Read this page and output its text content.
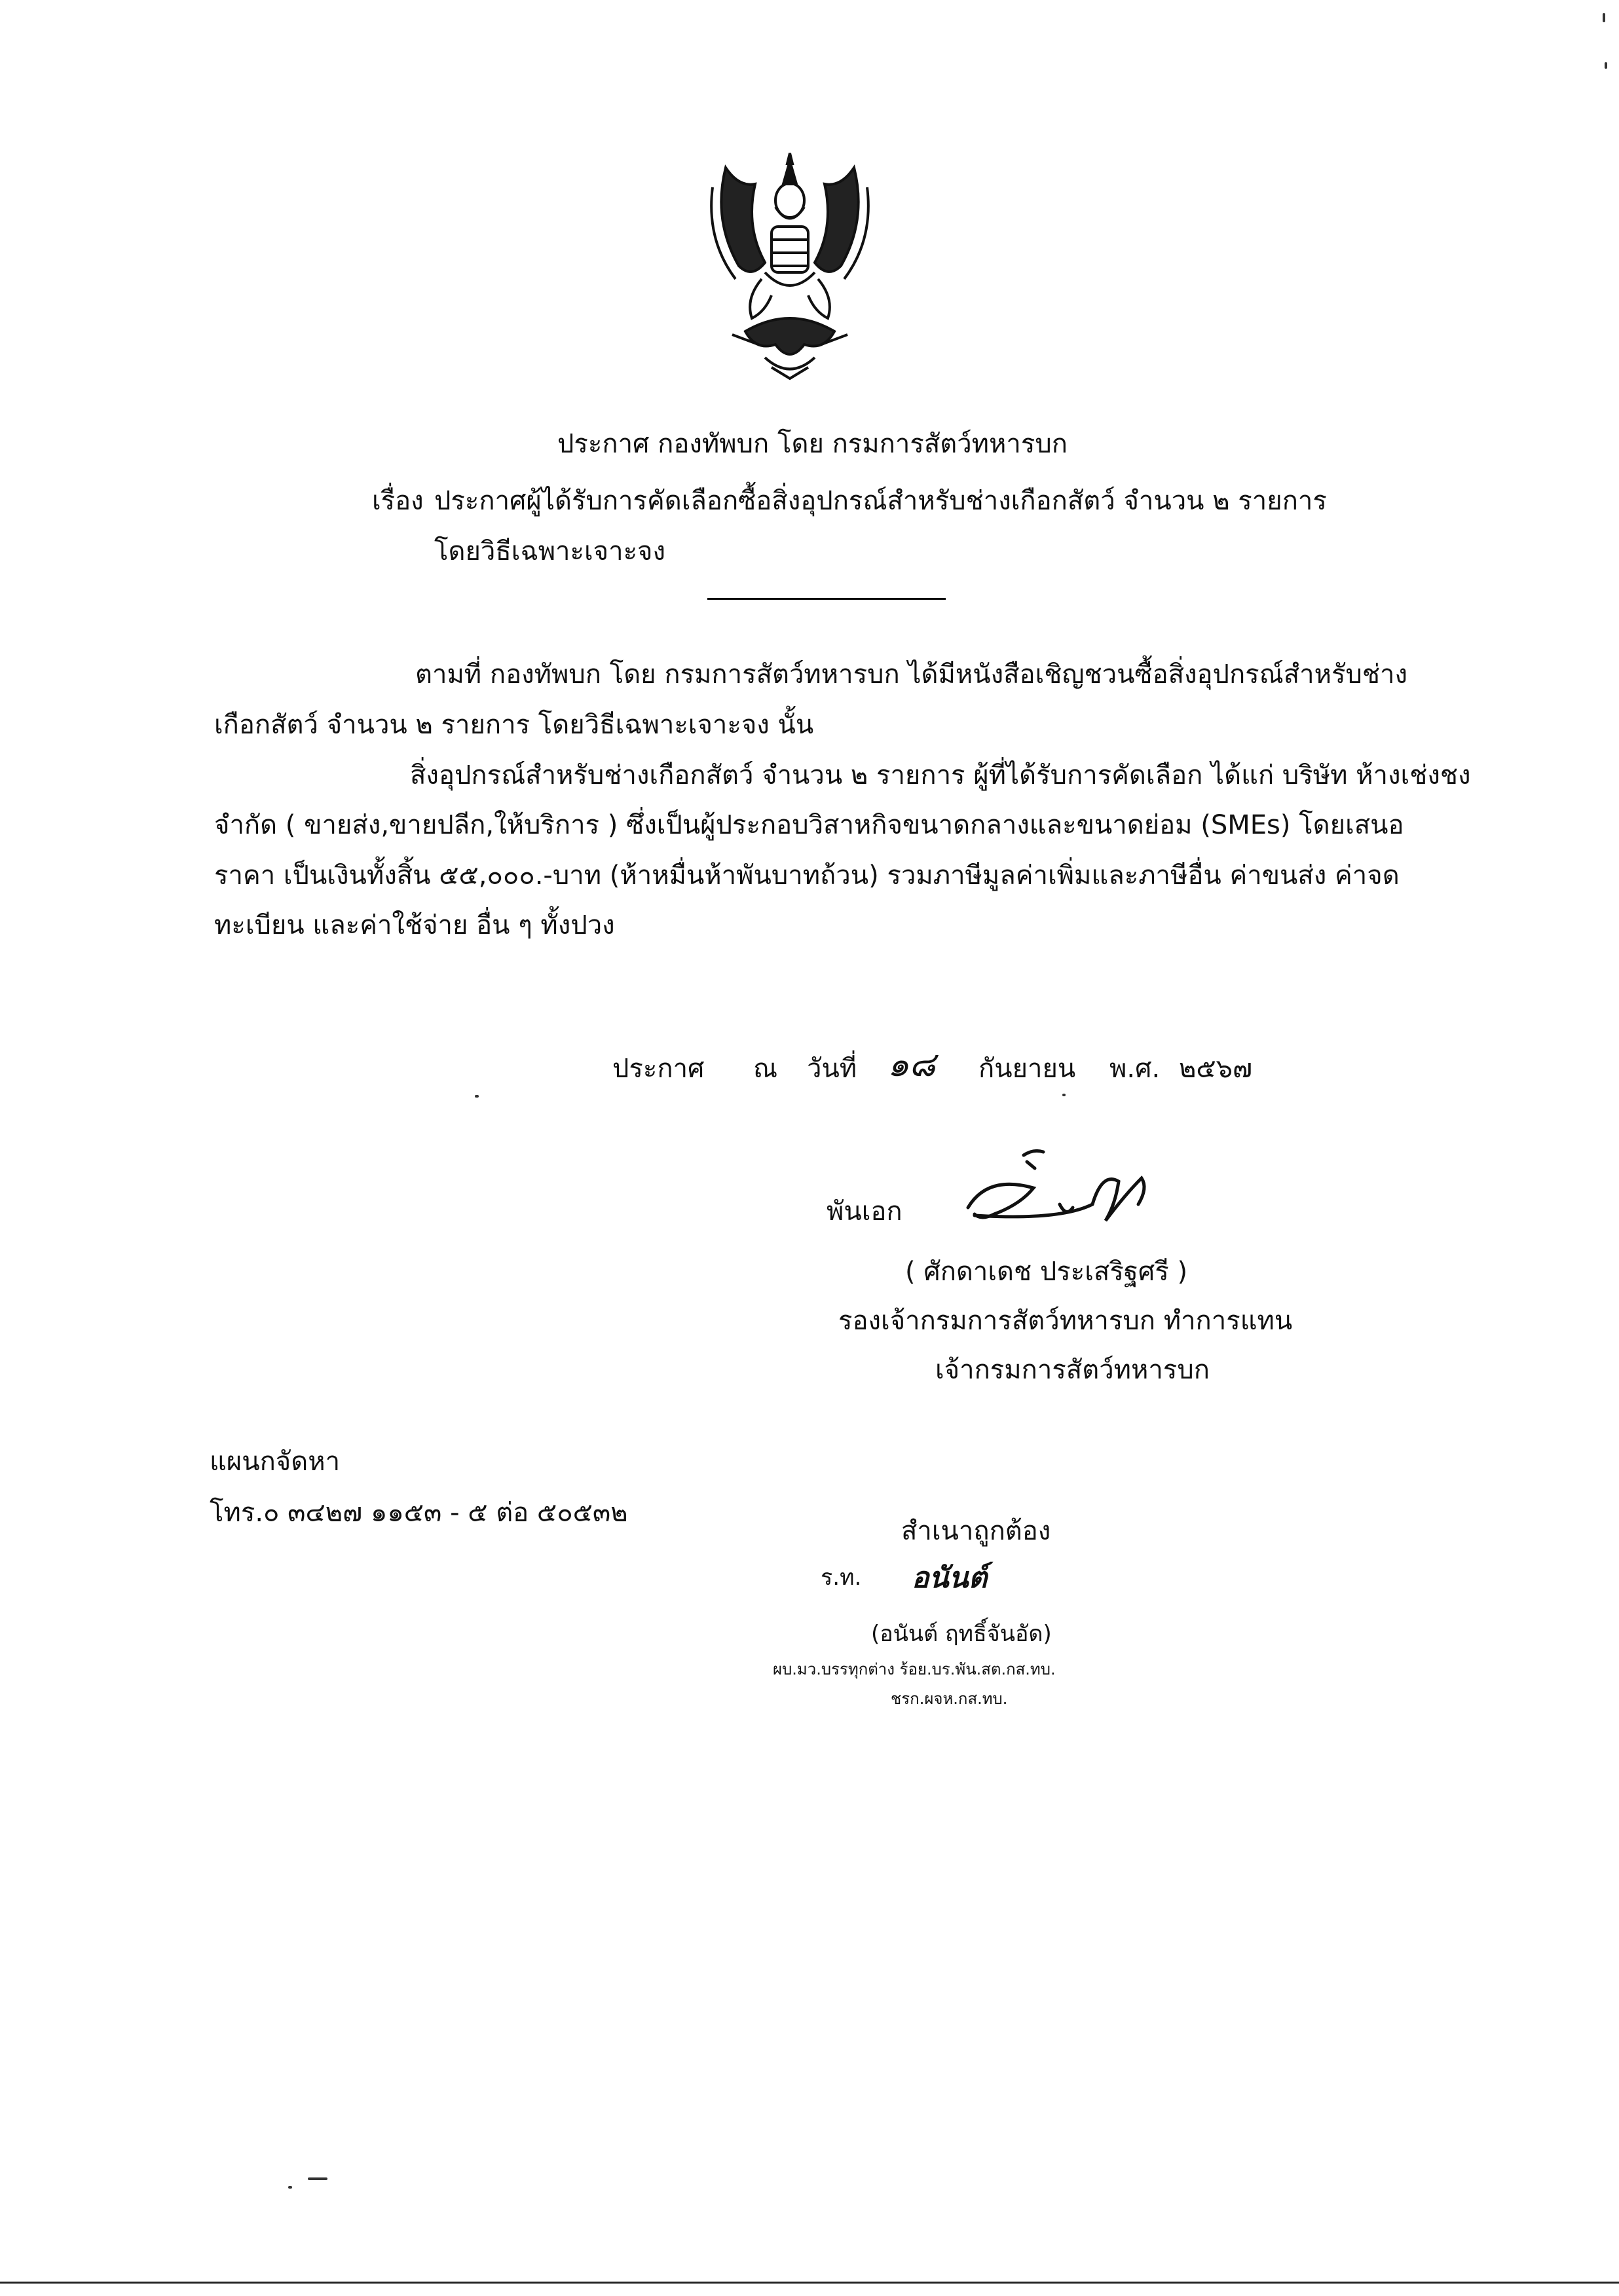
ประกาศ กองทัพบก โดย กรมการสัตว์ทหารบก
เรื่อง ประกาศผู้ได้รับการคัดเลือกซื้อสิ่งอุปกรณ์สำหรับช่างเกือกสัตว์ จำนวน ๒ รายการ
โดยวิธีเฉพาะเจาะจง
ตามที่ กองทัพบก โดย กรมการสัตว์ทหารบก ได้มีหนังสือเชิญชวนซื้อสิ่งอุปกรณ์สำหรับช่าง
เกือกสัตว์ จำนวน ๒ รายการ โดยวิธีเฉพาะเจาะจง นั้น
สิ่งอุปกรณ์สำหรับช่างเกือกสัตว์ จำนวน ๒ รายการ ผู้ที่ได้รับการคัดเลือก ได้แก่ บริษัท ห้างเช่งชง
จำกัด ( ขายส่ง,ขายปลีก,ให้บริการ ) ซึ่งเป็นผู้ประกอบวิสาหกิจขนาดกลางและขนาดย่อม (SMEs) โดยเสนอ
ราคา เป็นเงินทั้งสิ้น ๕๕,๐๐๐.-บาท (ห้าหมื่นห้าพันบาทถ้วน) รวมภาษีมูลค่าเพิ่มและภาษีอื่น ค่าขนส่ง ค่าจด
ทะเบียน และค่าใช้จ่าย อื่น ๆ ทั้งปวง
ประกาศ ณ วันที่ ๑๘ กันยายน พ.ศ. ๒๕๖๗
พันเอก
( ศักดาเดช ประเสริฐศรี )
รองเจ้ากรมการสัตว์ทหารบก ทำการแทน
เจ้ากรมการสัตว์ทหารบก
แผนกจัดหา
โทร.๐ ๓๔๒๗ ๑๑๕๓ - ๕ ต่อ ๕๐๕๓๒
สำเนาถูกต้อง
ร.ท. อนันต์
(อนันต์ ฤทธิ์จันอัด)
ผบ.มว.บรรทุกต่าง ร้อย.บร.พัน.สต.กส.ทบ.
ชรก.ผจห.กส.ทบ.
